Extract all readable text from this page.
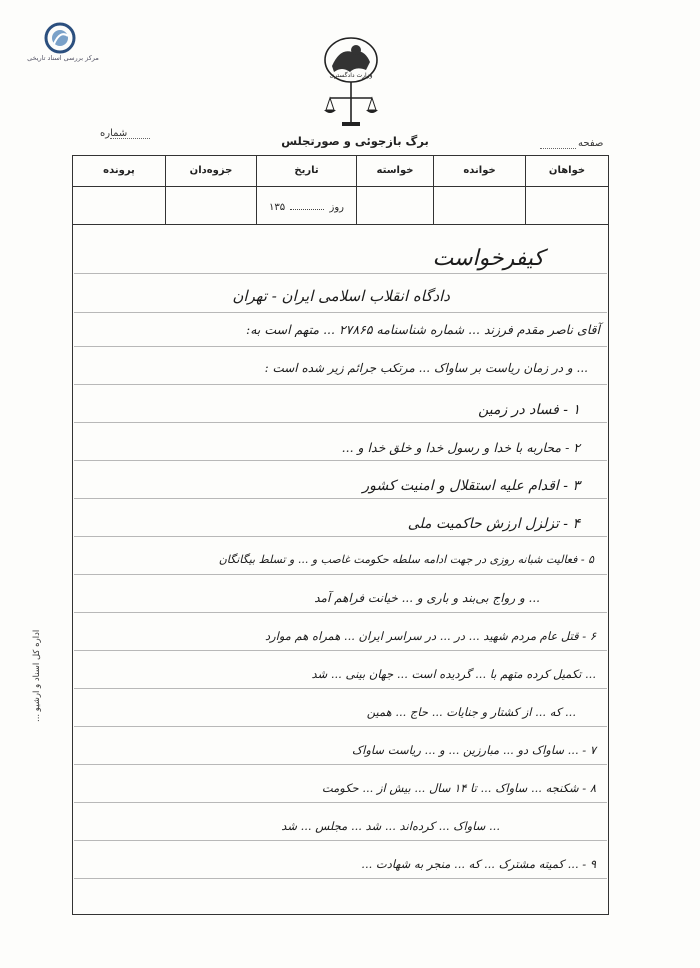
مرکز بررسی اسناد تاریخی
وزارت دادگستری
شماره
برگ بازجوئی و صورتجلس	صفحه
خواهان
خوانده
خواسته
تاریخ
روز  ۱۳۵
جزوه‌دان
پرونده
کیفرخواست
دادگاه انقلاب اسلامی ایران - تهران
آقای ناصر مقدم فرزند ... شماره شناسنامه ۲۷۸۶۵ ... متهم است به:
... و در زمان ریاست بر ساواک ... مرتکب جرائم زیر شده است :
۱ - فساد در زمین
۲ - محاربه با خدا و رسول خدا و خلق خدا و ...
۳ - اقدام علیه استقلال و امنیت کشور
۴ - تزلزل ارزش حاکمیت ملی
۵ - فعالیت شبانه روزی در جهت ادامه سلطه حکومت غاصب و ... و تسلط بیگانگان
... و رواج بی‌بند و باری و ... خیانت فراهم آمد
۶ - قتل عام مردم شهید ... در ... در سراسر ایران ... همراه هم موارد
... تکمیل کرده متهم با ... گردیده است ... جهان بینی ... شد
... که ... از کشتار و جنایات ... حاج ... همین
۷ - ... ساواک دو ... مبارزین ... و ... ریاست ساواک
۸ - شکنجه ... ساواک ... تا ۱۴ سال ... بیش از ... حکومت
... ساواک ... کرده‌اند ... شد ... مجلس ... شد
۹ - ... کمیته مشترک ... که ... منجر به شهادت ...
اداره کل اسناد و ارشیو ...
